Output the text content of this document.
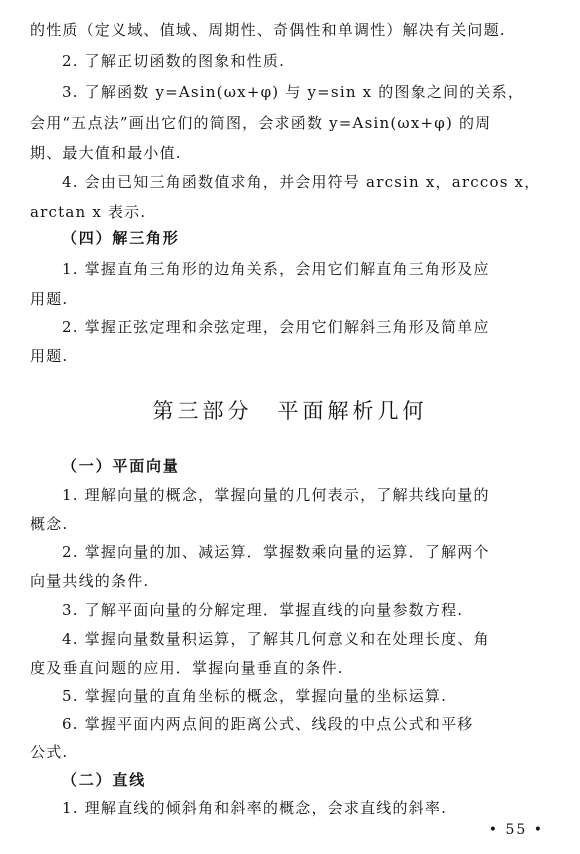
的性质（定义域、值域、周期性、奇偶性和单调性）解决有关问题.
2. 了解正切函数的图象和性质.
3. 了解函数 y=Asin(ωx+φ) 与 y=sin x 的图象之间的关系，
会用“五点法”画出它们的简图，会求函数 y=Asin(ωx+φ) 的周
期、最大值和最小值.
4. 会由已知三角函数值求角，并会用符号 arcsin x，arccos x，
arctan x 表示.
（四）解三角形
1. 掌握直角三角形的边角关系，会用它们解直角三角形及应
用题.
2. 掌握正弦定理和余弦定理，会用它们解斜三角形及简单应
用题.
第三部分　平面解析几何
（一）平面向量
1. 理解向量的概念，掌握向量的几何表示，了解共线向量的
概念.
2. 掌握向量的加、减运算．掌握数乘向量的运算．了解两个
向量共线的条件.
3. 了解平面向量的分解定理．掌握直线的向量参数方程.
4. 掌握向量数量积运算，了解其几何意义和在处理长度、角
度及垂直问题的应用．掌握向量垂直的条件.
5. 掌握向量的直角坐标的概念，掌握向量的坐标运算.
6. 掌握平面内两点间的距离公式、线段的中点公式和平移
公式.
（二）直线
1. 理解直线的倾斜角和斜率的概念，会求直线的斜率.
• 55 •
